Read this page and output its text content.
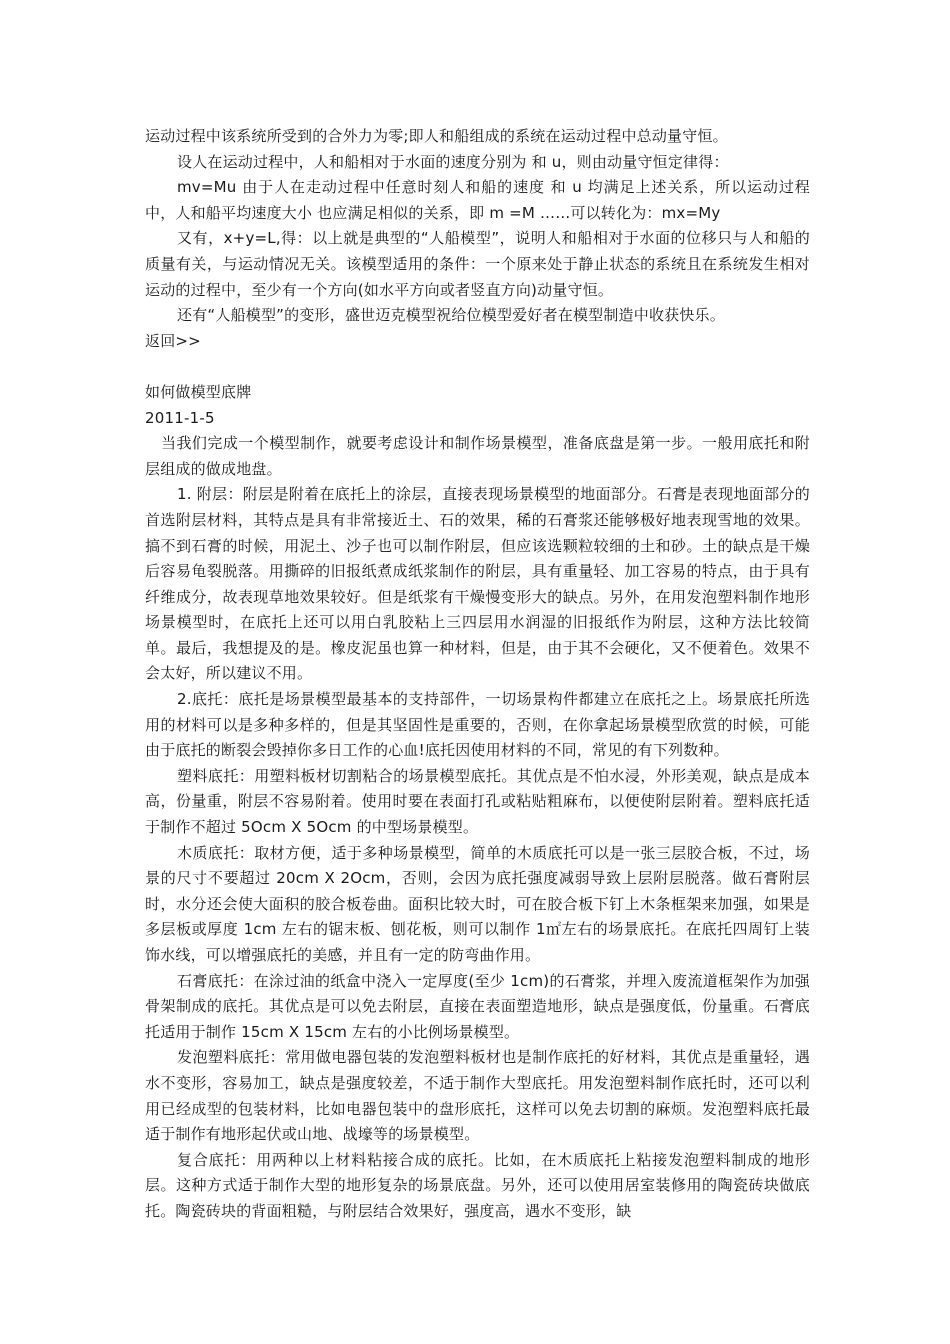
运动过程中该系统所受到的合外力为零;即人和船组成的系统在运动过程中总动量守恒。

设人在运动过程中，人和船相对于水面的速度分别为 和 u，则由动量守恒定律得：

mv=Mu 由于人在走动过程中任意时刻人和船的速度 和 u 均满足上述关系，所以运动过程中，人和船平均速度大小 也应满足相似的关系，即 m =M ……可以转化为：mx=My

又有，x+y=L,得：以上就是典型的“人船模型”，说明人和船相对于水面的位移只与人和船的质量有关，与运动情况无关。该模型适用的条件：一个原来处于静止状态的系统且在系统发生相对运动的过程中，至少有一个方向(如水平方向或者竖直方向)动量守恒。

还有“人船模型”的变形，盛世迈克模型祝给位模型爱好者在模型制造中收获快乐。

返回>>

如何做模型底牌

2011-1-5

当我们完成一个模型制作，就要考虑设计和制作场景模型，准备底盘是第一步。一般用底托和附层组成的做成地盘。

1. 附层：附层是附着在底托上的涂层，直接表现场景模型的地面部分。石膏是表现地面部分的首选附层材料，其特点是具有非常接近土、石的效果，稀的石膏浆还能够极好地表现雪地的效果。搞不到石膏的时候，用泥土、沙子也可以制作附层，但应该选颗粒较细的土和砂。土的缺点是干燥后容易龟裂脱落。用撕碎的旧报纸煮成纸浆制作的附层，具有重量轻、加工容易的特点，由于具有纤维成分，故表现草地效果较好。但是纸浆有干燥慢变形大的缺点。另外，在用发泡塑料制作地形场景模型时，在底托上还可以用白乳胶粘上三四层用水润湿的旧报纸作为附层，这种方法比较简单。最后，我想提及的是。橡皮泥虽也算一种材料，但是，由于其不会硬化，又不便着色。效果不会太好，所以建议不用。

2.底托：底托是场景模型最基本的支持部件，一切场景构件都建立在底托之上。场景底托所选用的材料可以是多种多样的，但是其坚固性是重要的，否则，在你拿起场景模型欣赏的时候，可能由于底托的断裂会毁掉你多日工作的心血!底托因使用材料的不同，常见的有下列数种。

塑料底托：用塑料板材切割粘合的场景模型底托。其优点是不怕水浸，外形美观，缺点是成本高，份量重，附层不容易附着。使用时要在表面打孔或粘贴粗麻布，以便使附层附着。塑料底托适于制作不超过 5Ocm X 5Ocm 的中型场景模型。

木质底托：取材方便，适于多种场景模型，简单的木质底托可以是一张三层胶合板，不过，场景的尺寸不要超过 20cm X 2Ocm，否则，会因为底托强度减弱导致上层附层脱落。做石膏附层时，水分还会使大面积的胶合板卷曲。面积比较大时，可在胶合板下钉上木条框架来加强，如果是多层板或厚度 1cm 左右的锯末板、刨花板，则可以制作 1㎡左右的场景底托。在底托四周钉上装饰水线，可以增强底托的美感，并且有一定的防弯曲作用。

石膏底托：在涂过油的纸盒中浇入一定厚度(至少 1cm)的石膏浆，并埋入废流道框架作为加强骨架制成的底托。其优点是可以免去附层，直接在表面塑造地形，缺点是强度低，份量重。石膏底托适用于制作 15cm X 15cm 左右的小比例场景模型。

发泡塑料底托：常用做电器包装的发泡塑料板材也是制作底托的好材料，其优点是重量轻，遇水不变形，容易加工，缺点是强度较差，不适于制作大型底托。用发泡塑料制作底托时，还可以利用已经成型的包装材料，比如电器包装中的盘形底托，这样可以免去切割的麻烦。发泡塑料底托最适于制作有地形起伏或山地、战壕等的场景模型。

复合底托：用两种以上材料粘接合成的底托。比如，在木质底托上粘接发泡塑料制成的地形层。这种方式适于制作大型的地形复杂的场景底盘。另外，还可以使用居室装修用的陶瓷砖块做底托。陶瓷砖块的背面粗糙，与附层结合效果好，强度高，遇水不变形，缺
